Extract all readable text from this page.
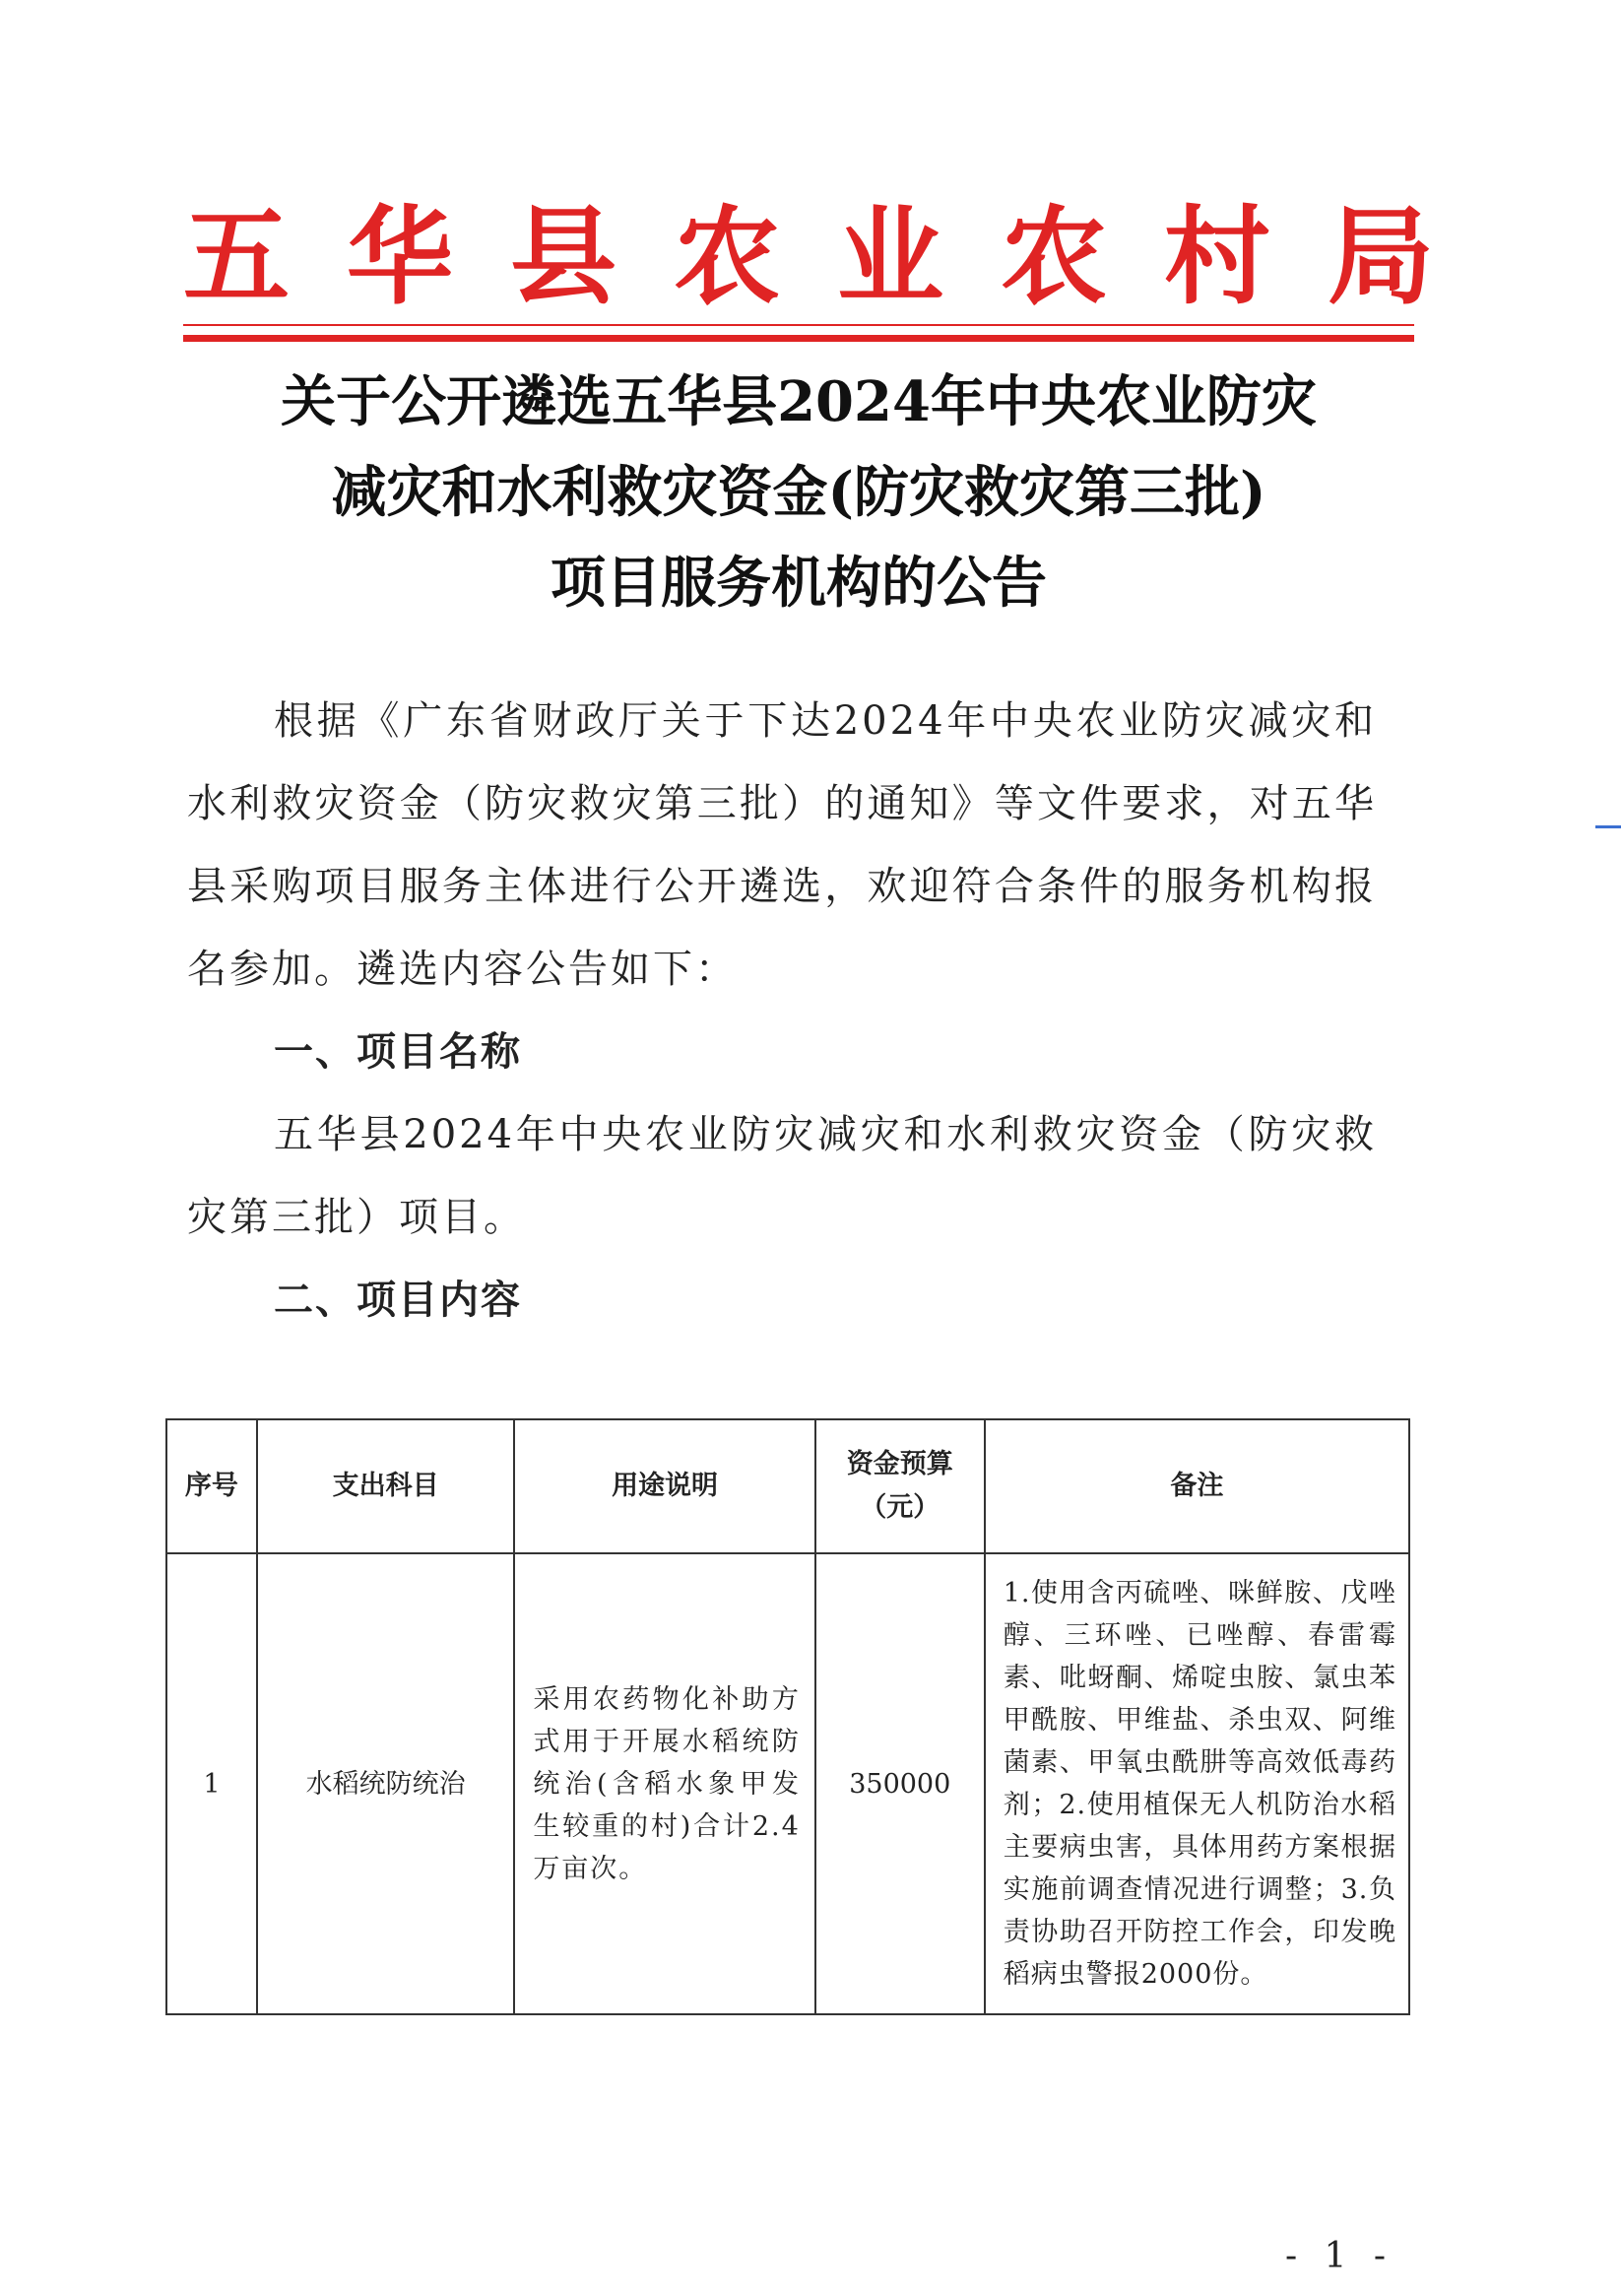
五华县农业农村局
关于公开遴选五华县2024年中央农业防灾
减灾和水利救灾资金(防灾救灾第三批)
项目服务机构的公告

根据《广东省财政厅关于下达2024年中央农业防灾减灾和水利救灾资金（防灾救灾第三批）的通知》等文件要求，对五华县采购项目服务主体进行公开遴选，欢迎符合条件的服务机构报名参加。遴选内容公告如下：

一、项目名称

五华县2024年中央农业防灾减灾和水利救灾资金（防灾救灾第三批）项目。

二、项目内容

序号	支出科目	用途说明	资金预算（元）	备注
1	水稻统防统治	采用农药物化补助方式用于开展水稻统防统治(含稻水象甲发生较重的村)合计2.4万亩次。	350000	1.使用含丙硫唑、咪鲜胺、戊唑醇、三环唑、已唑醇、春雷霉素、吡蚜酮、烯啶虫胺、氯虫苯甲酰胺、甲维盐、杀虫双、阿维菌素、甲氧虫酰肼等高效低毒药剂；2.使用植保无人机防治水稻主要病虫害，具体用药方案根据实施前调查情况进行调整；3.负责协助召开防控工作会，印发晚稻病虫警报2000份。
- 1 -
